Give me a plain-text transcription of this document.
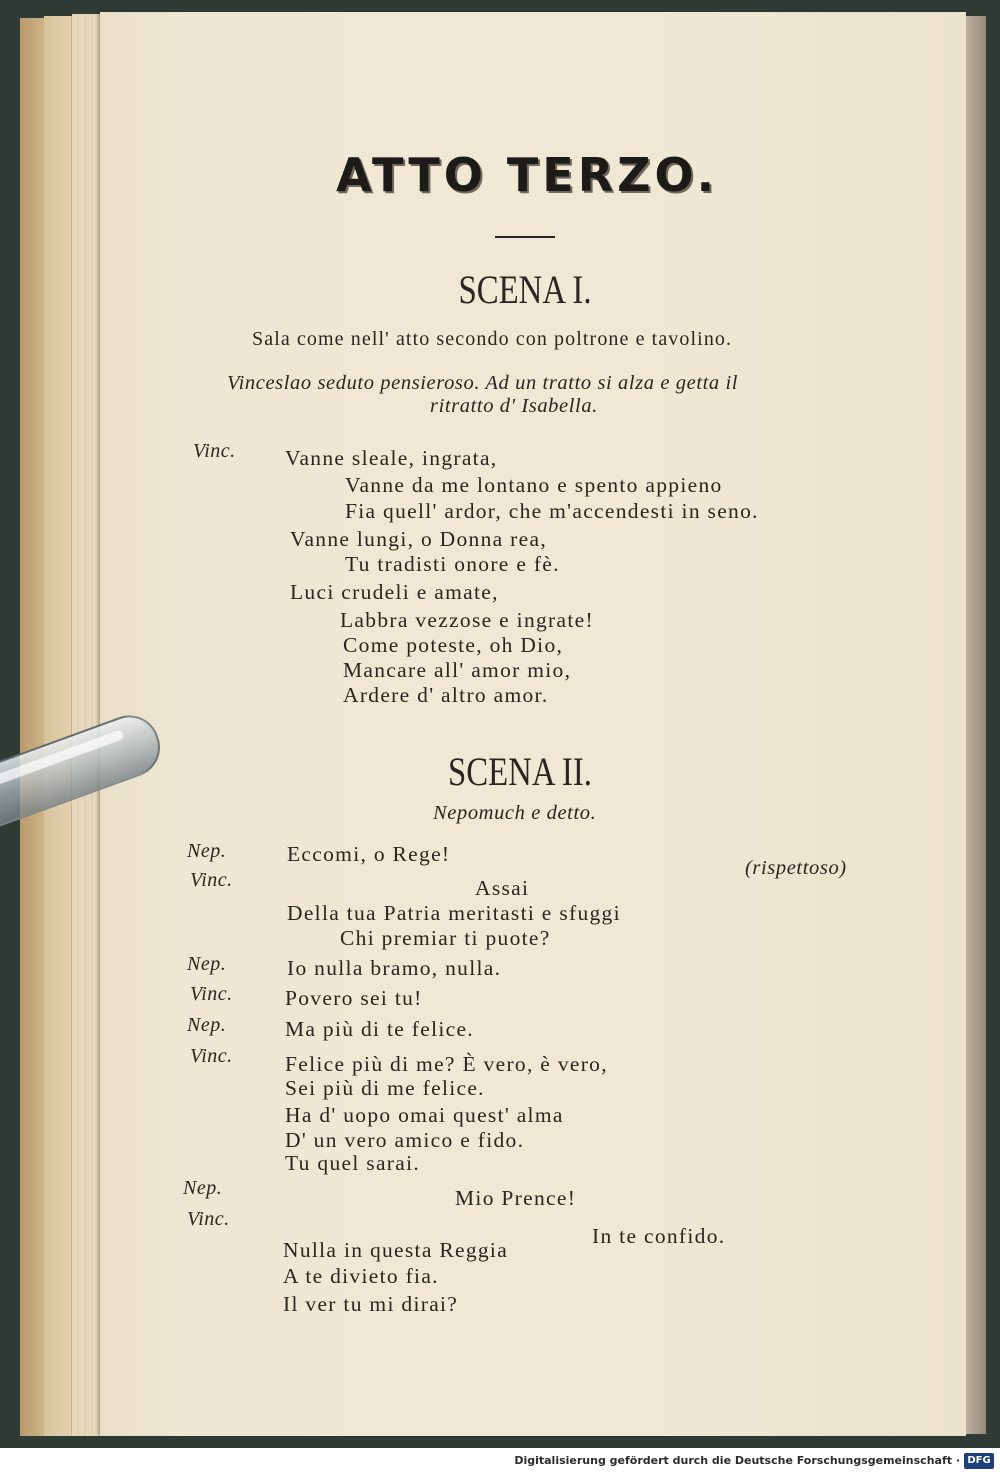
ATTO TERZO.
SCENA I.
Sala come nell' atto secondo con poltrone e tavolino.
Vinceslao seduto pensieroso. Ad un tratto si alza e getta il
ritratto d' Isabella.
Vinc. Vanne sleale, ingrata,
Vanne da me lontano e spento appieno
Fia quell' ardor, che m'accendesti in seno.
Vanne lungi, o Donna rea,
Tu tradisti onore e fè.
Luci crudeli e amate,
Labbra vezzose e ingrate!
Come poteste, oh Dio,
Mancare all' amor mio,
Ardere d' altro amor.
SCENA II.
Nepomuch e detto.
Nep.	Eccomi, o Rege!
(rispettoso)
Vinc.	Assai
Della tua Patria meritasti e sfuggi
Chi premiar ti puote?
Nep.	Io nulla bramo, nulla.
Vinc. Povero sei tu!
Nep.	Ma più di te felice.
Vinc. Felice più di me? È vero, è vero,
Sei più di me felice.
Ha d' uopo omai quest' alma
D' un vero amico e fido.
Tu quel sarai.
Nep.	Mio Prence!
Vinc.
In te confido.
Nulla in questa Reggia
A te divieto fia.
Il ver tu mi dirai?
Digitalisierung gefördert durch die Deutsche Forschungsgemeinschaft · DFG
